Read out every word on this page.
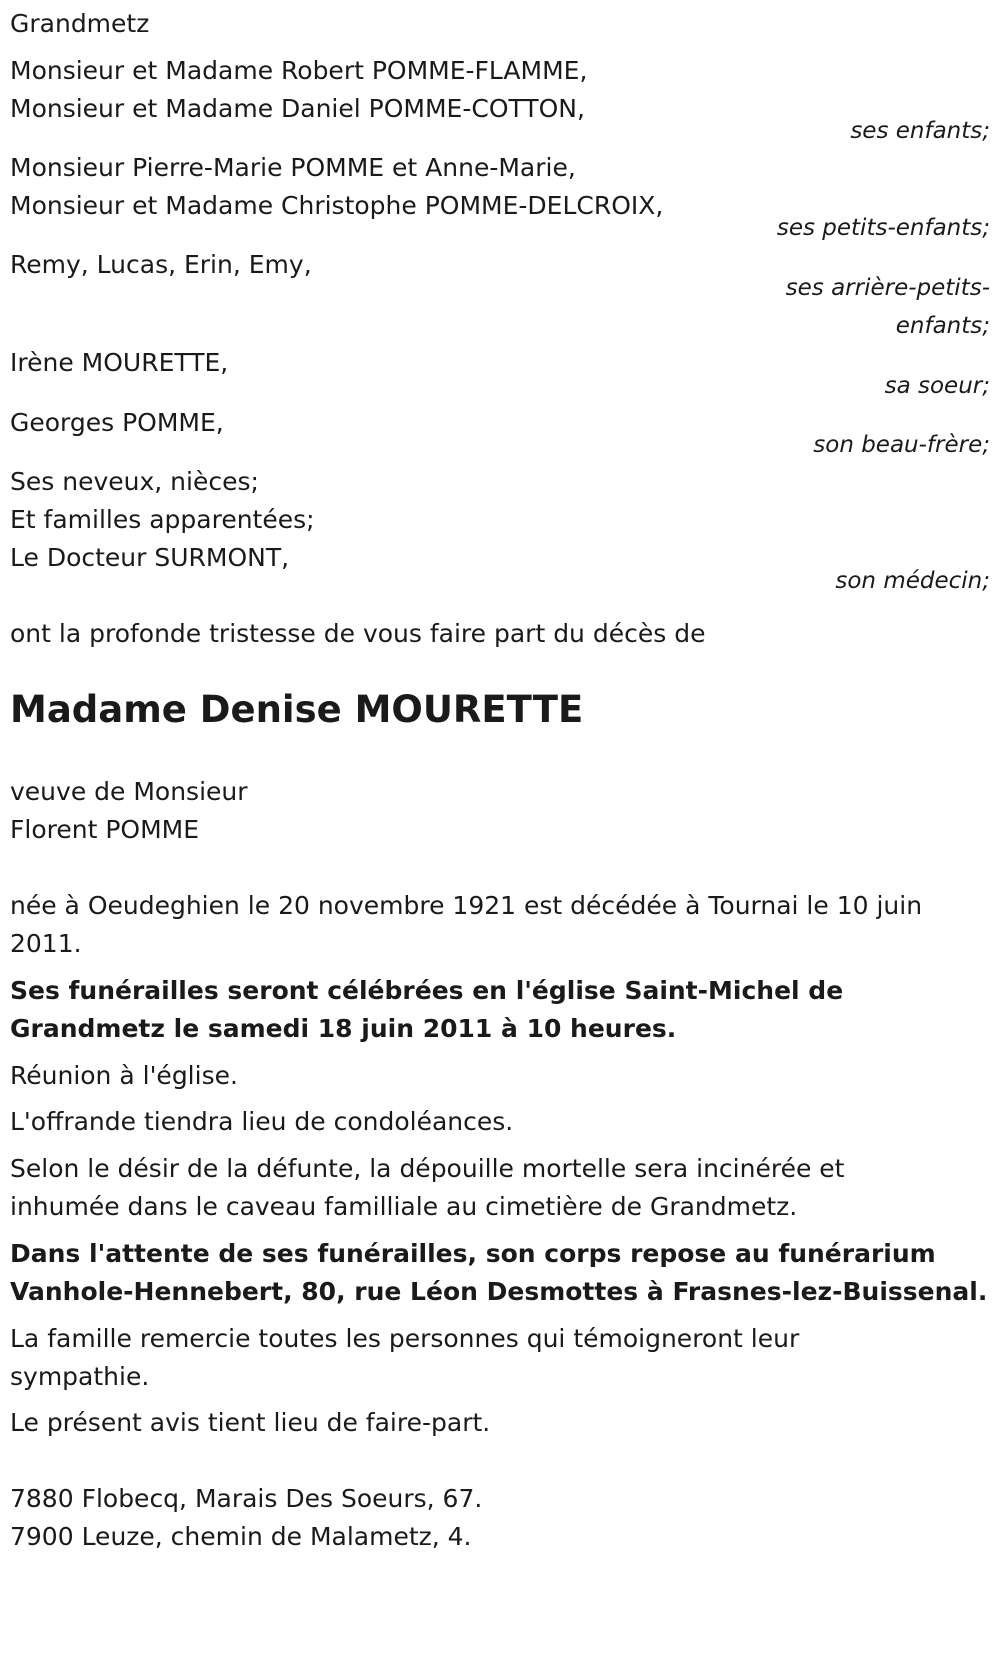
Grandmetz
Monsieur et Madame Robert POMME-FLAMME,
Monsieur et Madame Daniel POMME-COTTON,
ses enfants;
Monsieur Pierre-Marie POMME et Anne-Marie,
Monsieur et Madame Christophe POMME-DELCROIX,
ses petits-enfants;
Remy, Lucas, Erin, Emy,
ses arrière-petits-
enfants;
Irène MOURETTE,
sa soeur;
Georges POMME,
son beau-frère;
Ses neveux, nièces;
Et familles apparentées;
Le Docteur SURMONT,
son médecin;
ont la profonde tristesse de vous faire part du décès de
Madame Denise MOURETTE
veuve de Monsieur
Florent POMME
née à Oeudeghien le 20 novembre 1921 est décédée à Tournai le 10 juin
2011.
Ses funérailles seront célébrées en l'église Saint-Michel de
Grandmetz le samedi 18 juin 2011 à 10 heures.
Réunion à l'église.
L'offrande tiendra lieu de condoléances.
Selon le désir de la défunte, la dépouille mortelle sera incinérée et
inhumée dans le caveau familliale au cimetière de Grandmetz.
Dans l'attente de ses funérailles, son corps repose au funérarium
Vanhole-Hennebert, 80, rue Léon Desmottes à Frasnes-lez-Buissenal.
La famille remercie toutes les personnes qui témoigneront leur
sympathie.
Le présent avis tient lieu de faire-part.
7880 Flobecq, Marais Des Soeurs, 67.
7900 Leuze, chemin de Malametz, 4.
